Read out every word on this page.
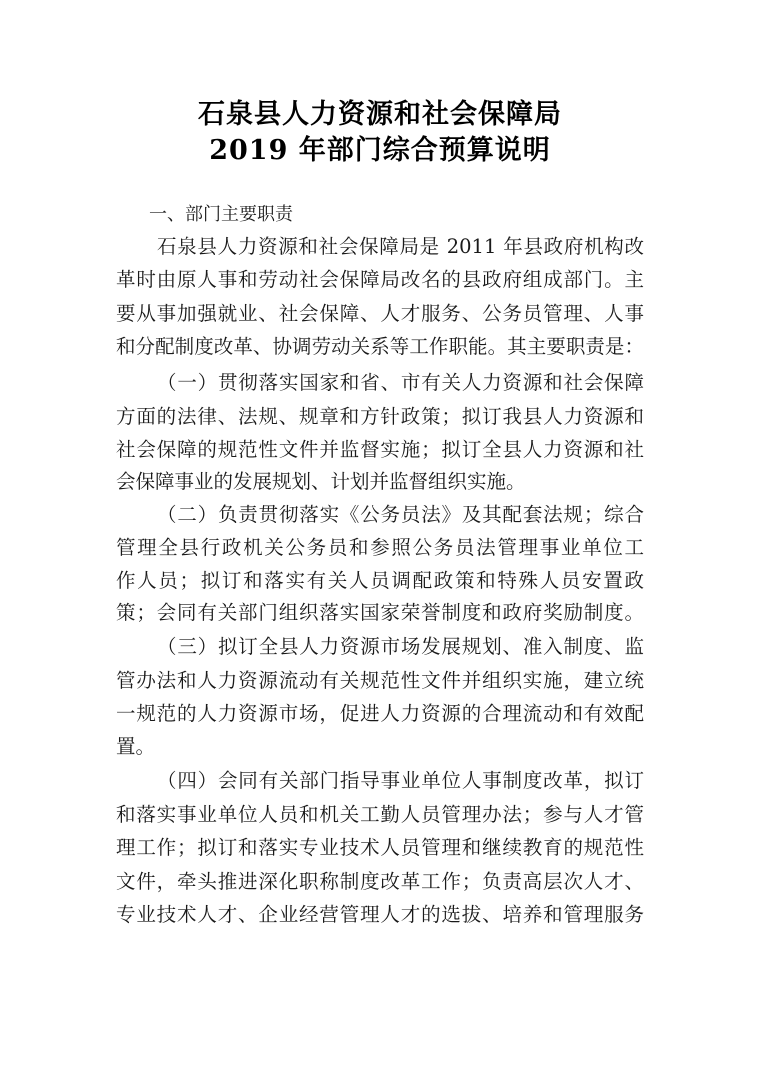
石泉县人力资源和社会保障局
2019 年部门综合预算说明
一、部门主要职责
石泉县人力资源和社会保障局是 2011 年县政府机构改
革时由原人事和劳动社会保障局改名的县政府组成部门。主
要从事加强就业、社会保障、人才服务、公务员管理、人事
和分配制度改革、协调劳动关系等工作职能。其主要职责是：
（一）贯彻落实国家和省、市有关人力资源和社会保障
方面的法律、法规、规章和方针政策；拟订我县人力资源和
社会保障的规范性文件并监督实施；拟订全县人力资源和社
会保障事业的发展规划、计划并监督组织实施。
（二）负责贯彻落实《公务员法》及其配套法规；综合
管理全县行政机关公务员和参照公务员法管理事业单位工
作人员；拟订和落实有关人员调配政策和特殊人员安置政
策；会同有关部门组织落实国家荣誉制度和政府奖励制度。
（三）拟订全县人力资源市场发展规划、准入制度、监
管办法和人力资源流动有关规范性文件并组织实施，建立统
一规范的人力资源市场，促进人力资源的合理流动和有效配
置。
（四）会同有关部门指导事业单位人事制度改革，拟订
和落实事业单位人员和机关工勤人员管理办法；参与人才管
理工作；拟订和落实专业技术人员管理和继续教育的规范性
文件，牵头推进深化职称制度改革工作；负责高层次人才、
专业技术人才、企业经营管理人才的选拔、培养和管理服务
